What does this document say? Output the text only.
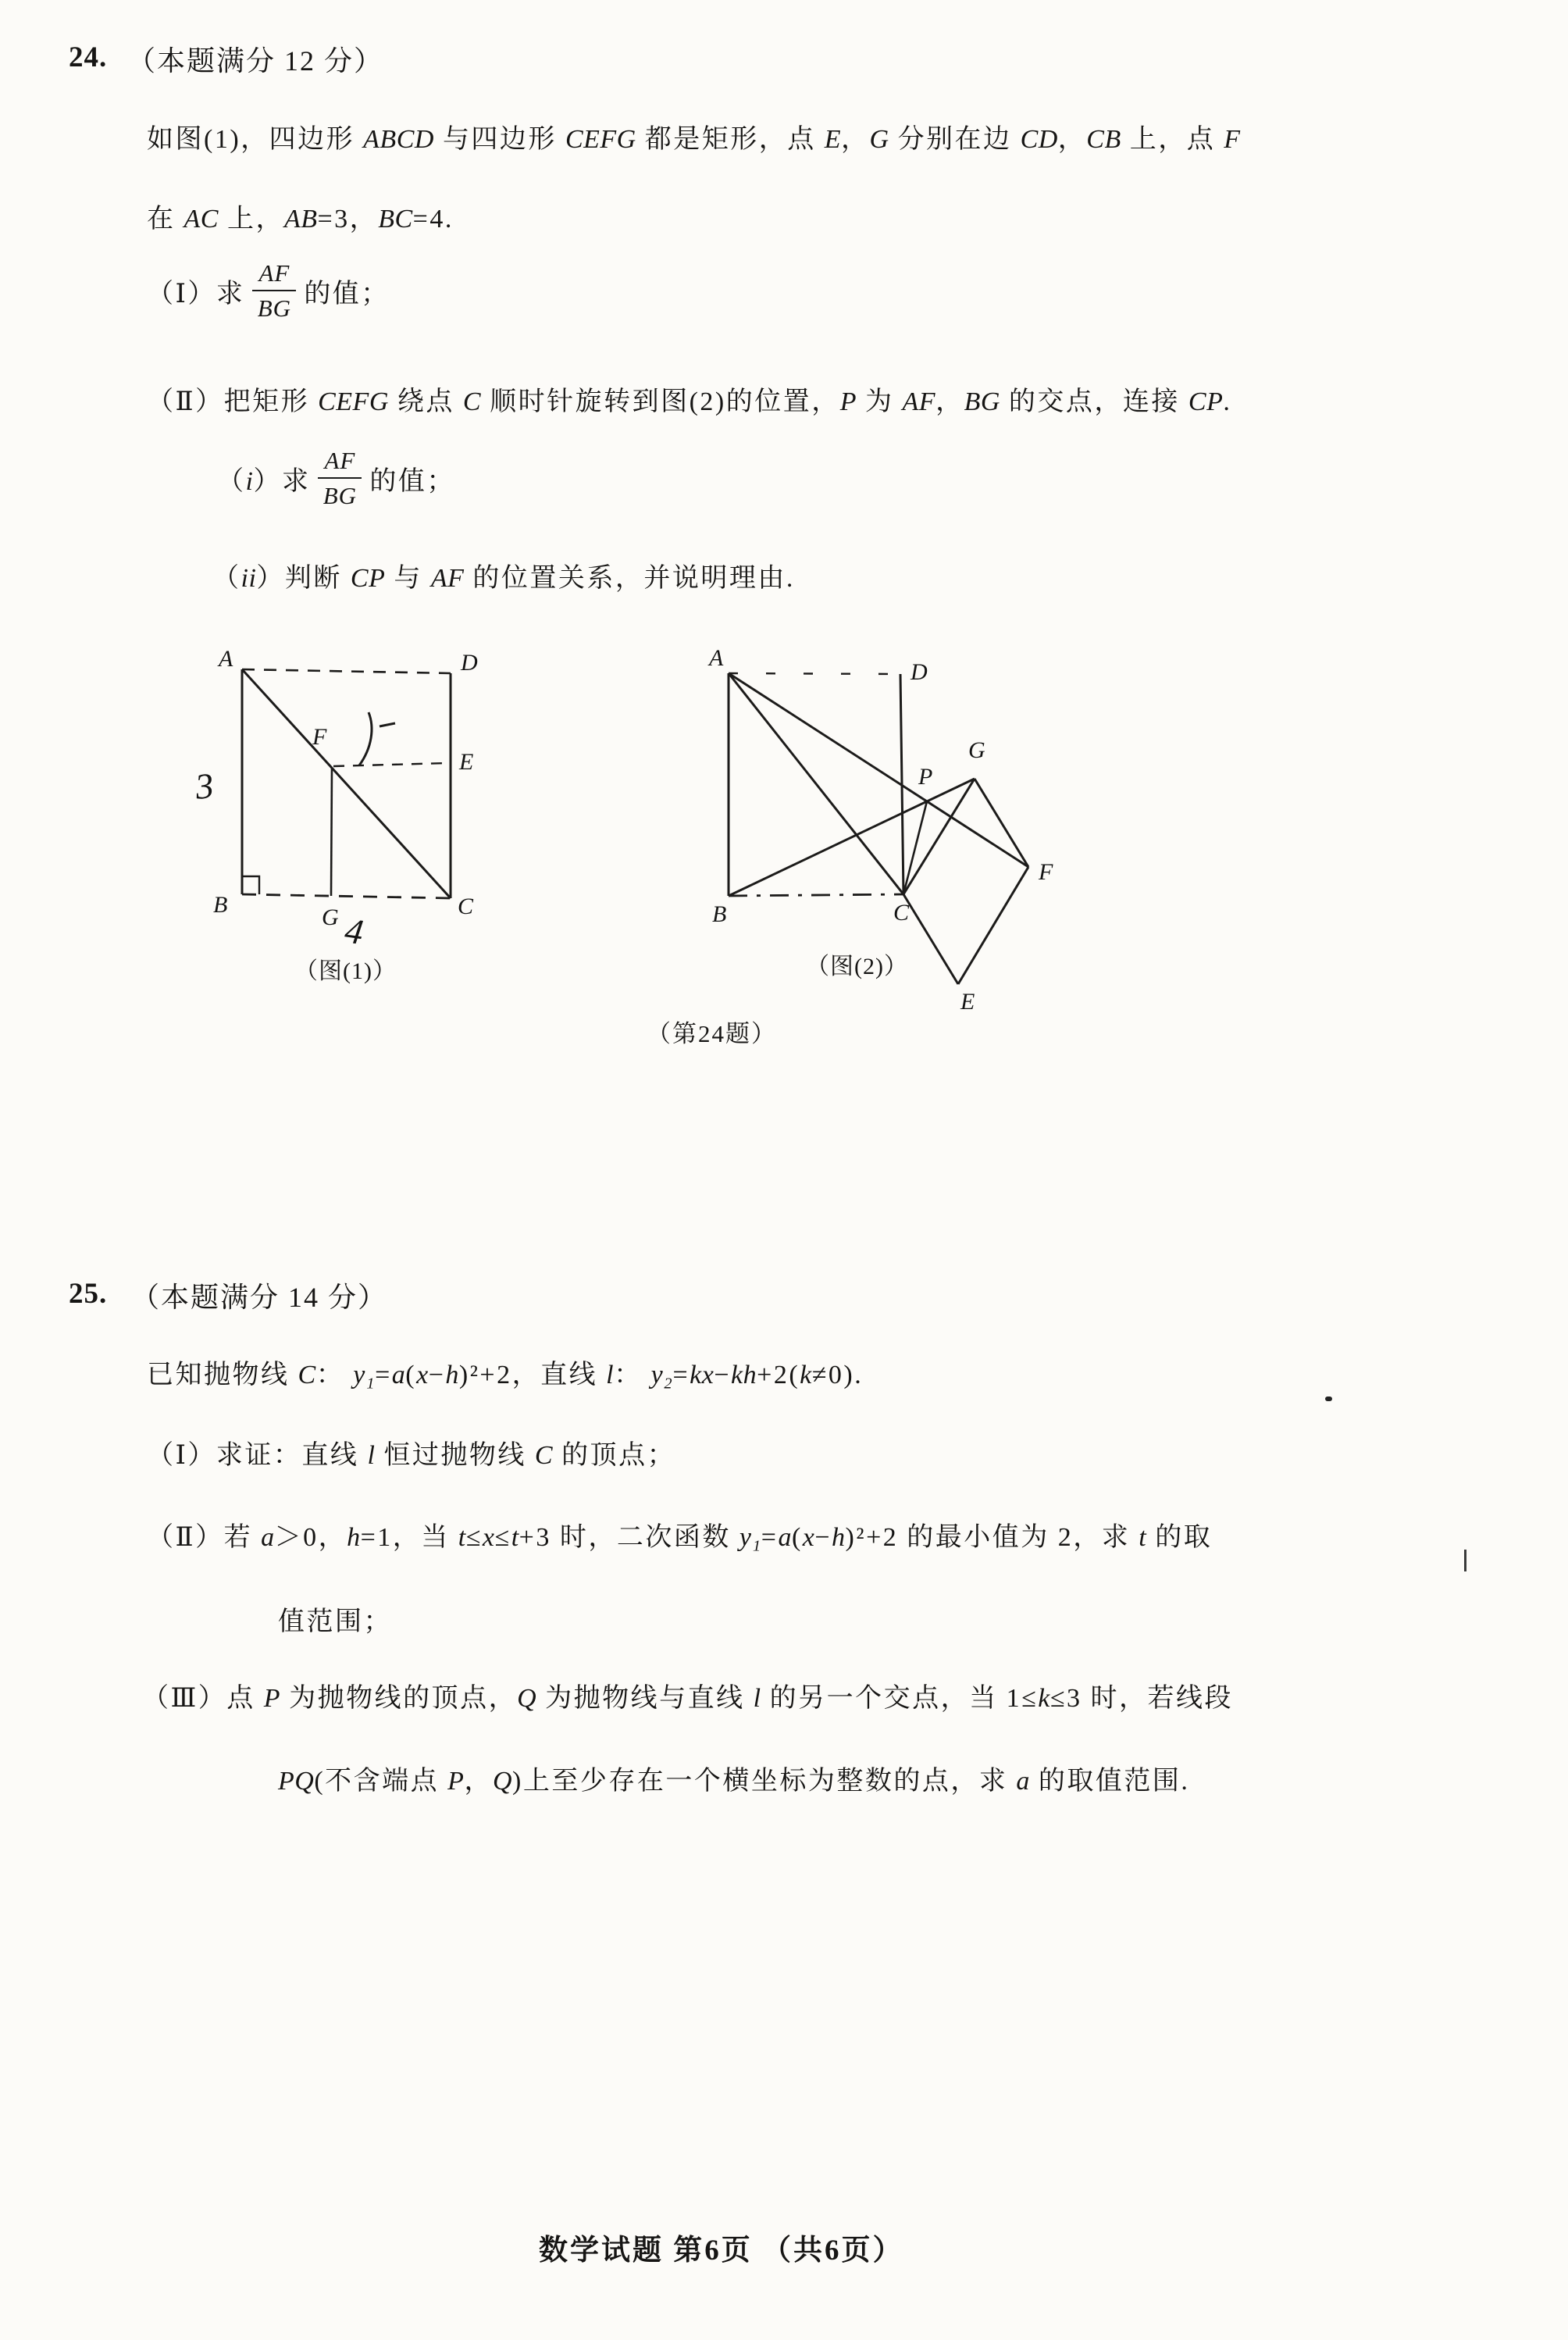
24. （本题满分 12 分）
如图(1)，四边形 ABCD 与四边形 CEFG 都是矩形，点 E，G 分别在边 CD，CB 上，点 F
在 AC 上，AB=3，BC=4.
（Ⅰ）求 $\frac{AF}{BG}$ 的值；
（Ⅱ）把矩形 CEFG 绕点 C 顺时针旋转到图(2)的位置，P 为 AF，BG 的交点，连接 CP.
（i）求 $\frac{AF}{BG}$ 的值；
（ii）判断 CP 与 AF 的位置关系，并说明理由.
A	D
E
F
B	G	C
3
4
（图(1)）
A
D
P
G
F
B	C
E
（图(2)）
（第24题）
25. （本题满分 14 分）
已知抛物线 C： y₁=a(x−h)²+2，直线 l： y₂=kx−kh+2(k≠0).
（Ⅰ）求证：直线 l 恒过抛物线 C 的顶点；
（Ⅱ）若 a＞0，h=1，当 t≤x≤t+3 时，二次函数 y₁=a(x−h)²+2 的最小值为 2，求 t 的取
值范围；
（Ⅲ）点 P 为抛物线的顶点，Q 为抛物线与直线 l 的另一个交点，当 1≤k≤3 时，若线段
PQ(不含端点 P，Q)上至少存在一个横坐标为整数的点，求 a 的取值范围.
数学试题 第6页 （共6页）
